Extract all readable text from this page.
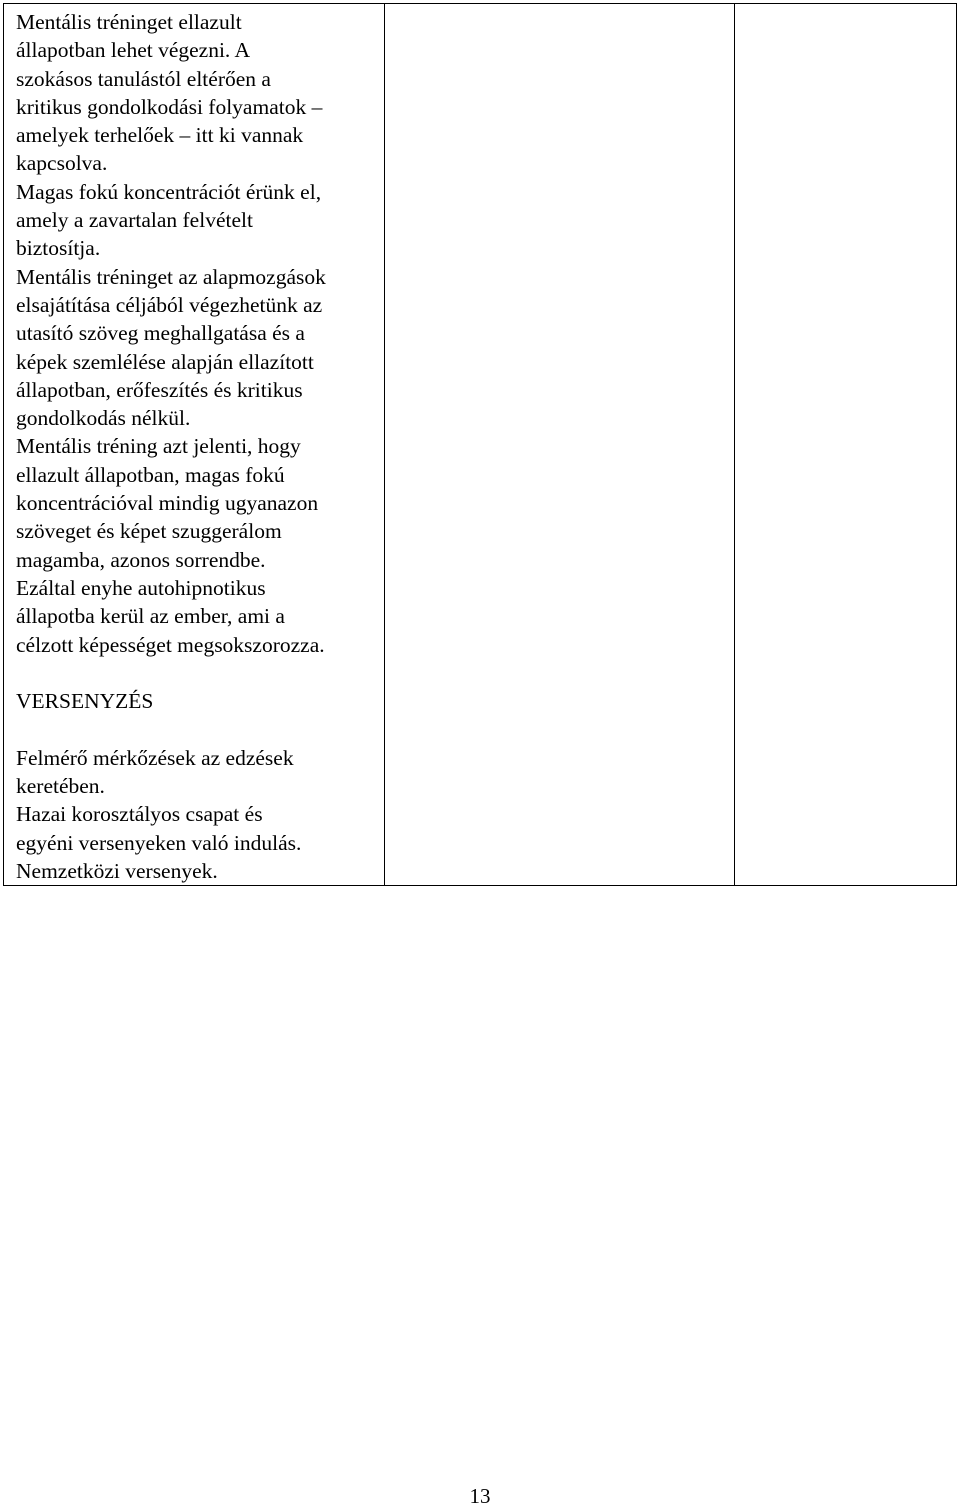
Mentális tréninget ellazult
állapotban lehet végezni. A
szokásos tanulástól eltérően a
kritikus gondolkodási folyamatok –
amelyek terhelőek – itt ki vannak
kapcsolva.

Magas fokú koncentrációt érünk el,
amely a zavartalan felvételt
biztosítja.

Mentális tréninget az alapmozgások
elsajátítása céljából végezhetünk az
utasító szöveg meghallgatása és a
képek szemlélése alapján ellazított
állapotban, erőfeszítés és kritikus
gondolkodás nélkül.

Mentális tréning azt jelenti, hogy
ellazult állapotban, magas fokú
koncentrációval mindig ugyanazon
szöveget és képet szuggerálom
magamba, azonos sorrendbe.

Ezáltal enyhe autohipnotikus
állapotba kerül az ember, ami a
célzott képességet megsokszorozza.

VERSENYZÉS

Felmérő mérkőzések az edzések
keretében.

Hazai korosztályos csapat és
egyéni versenyeken való indulás.

Nemzetközi versenyek.

13
